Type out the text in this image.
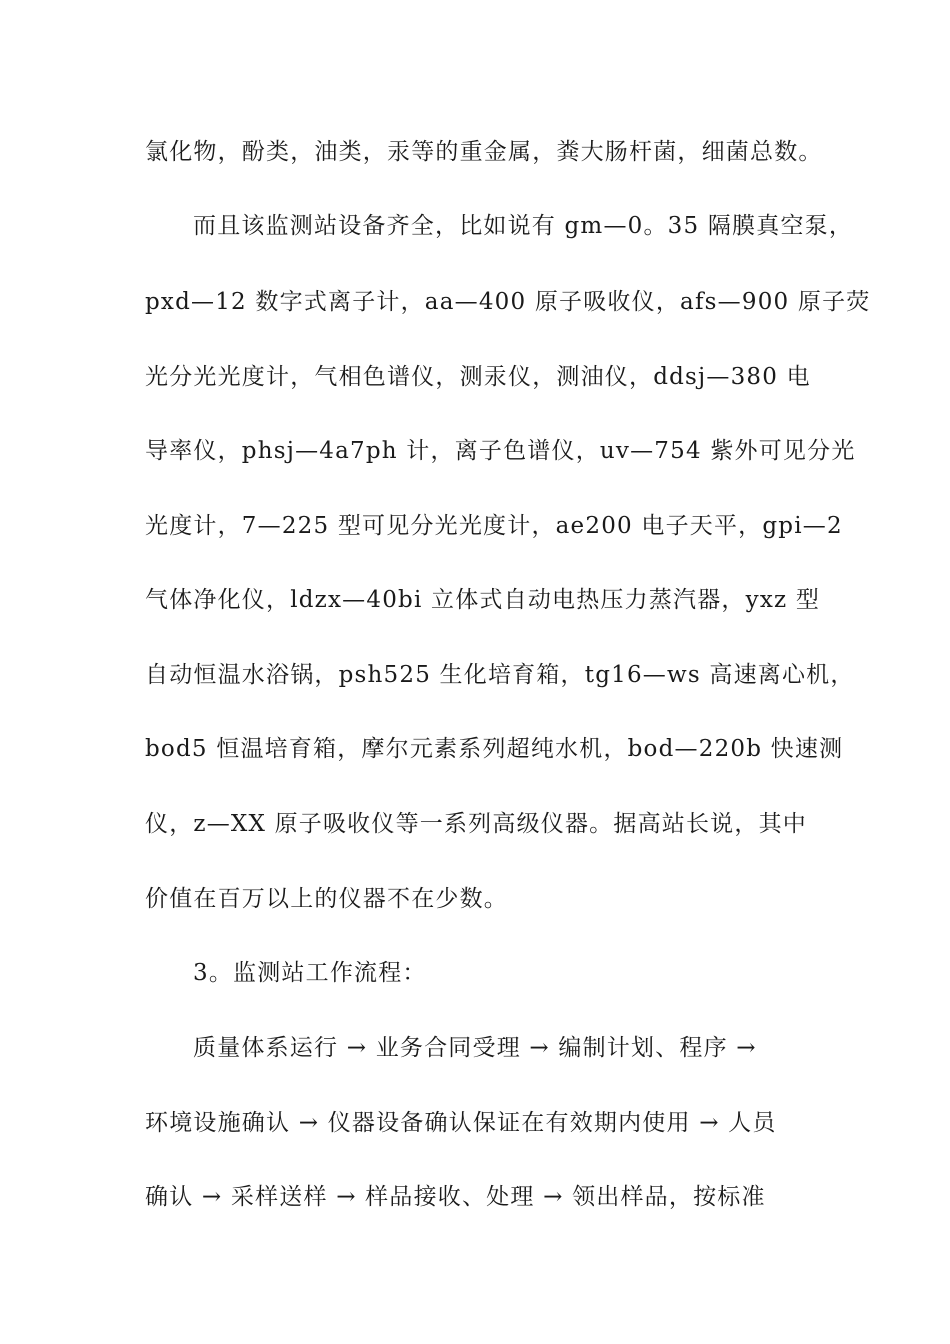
氯化物，酚类，油类，汞等的重金属，粪大肠杆菌，细菌总数。
而且该监测站设备齐全，比如说有 gm—0。35 隔膜真空泵，
pxd—12 数字式离子计，aa—400 原子吸收仪，afs—900 原子荧
光分光光度计，气相色谱仪，测汞仪，测油仪，ddsj—380 电
导率仪，phsj—4a7ph 计，离子色谱仪，uv—754 紫外可见分光
光度计，7—225 型可见分光光度计，ae200 电子天平，gpi—2
气体净化仪，ldzx—40bi 立体式自动电热压力蒸汽器，yxz 型
自动恒温水浴锅，psh525 生化培育箱，tg16—ws 高速离心机，
bod5 恒温培育箱，摩尔元素系列超纯水机，bod—220b 快速测
仪，z—XX 原子吸收仪等一系列高级仪器。据高站长说，其中
价值在百万以上的仪器不在少数。
3。监测站工作流程：
质量体系运行 → 业务合同受理 → 编制计划、程序 →
环境设施确认 → 仪器设备确认保证在有效期内使用 → 人员
确认 → 采样送样 → 样品接收、处理 → 领出样品，按标准
